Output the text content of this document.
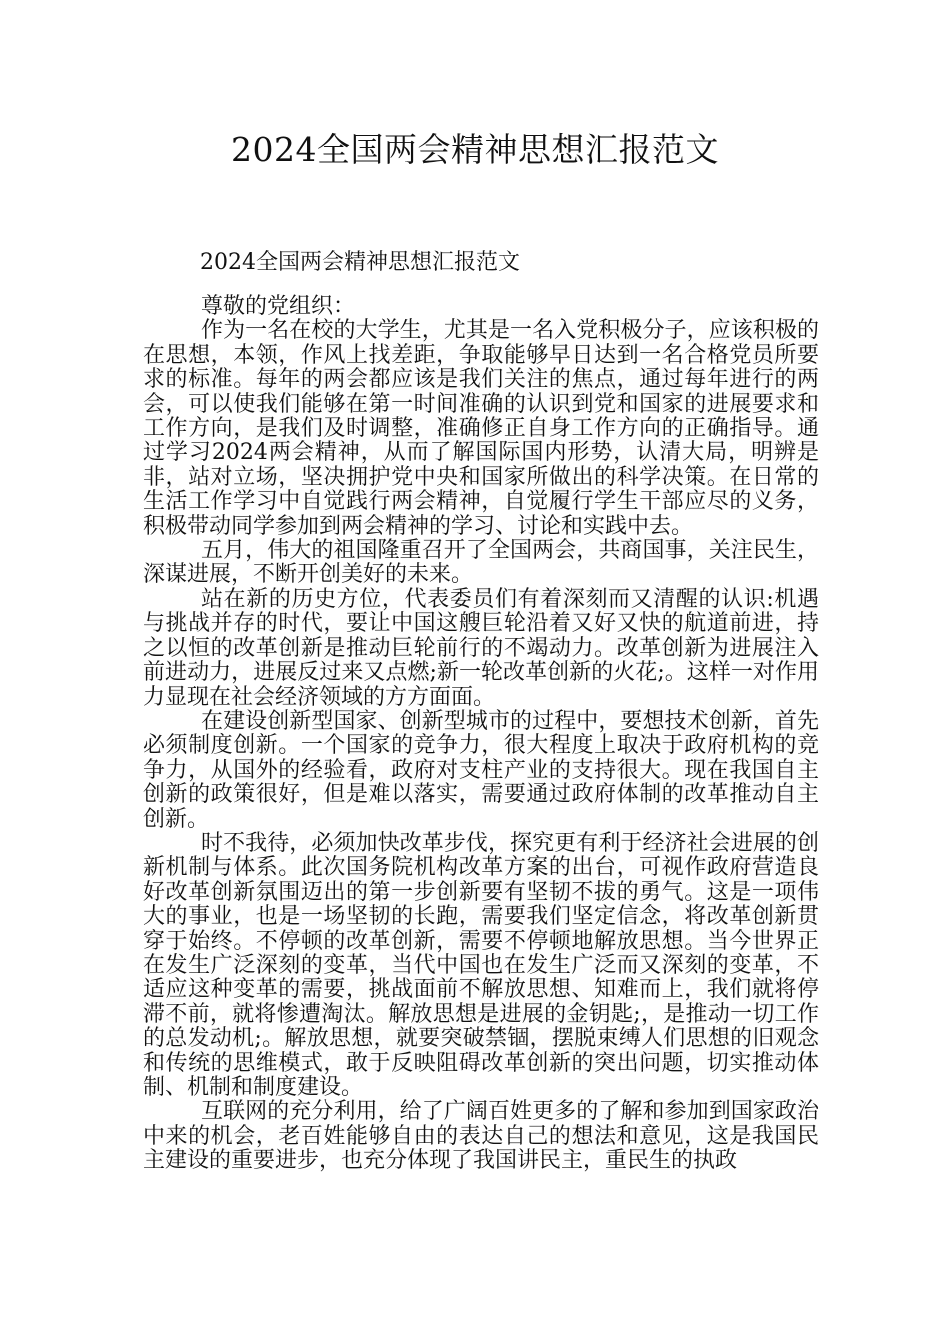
2024全国两会精神思想汇报范文

2024全国两会精神思想汇报范文

尊敬的党组织：

作为一名在校的大学生，尤其是一名入党积极分子，应该积极的在思想，本领，作风上找差距，争取能够早日达到一名合格党员所要求的标准。每年的两会都应该是我们关注的焦点，通过每年进行的两会，可以使我们能够在第一时间准确的认识到党和国家的进展要求和工作方向，是我们及时调整，准确修正自身工作方向的正确指导。通过学习2024两会精神，从而了解国际国内形势，认清大局，明辨是非，站对立场，坚决拥护党中央和国家所做出的科学决策。在日常的生活工作学习中自觉践行两会精神，自觉履行学生干部应尽的义务，积极带动同学参加到两会精神的学习、讨论和实践中去。

五月，伟大的祖国隆重召开了全国两会，共商国事，关注民生，深谋进展，不断开创美好的未来。

站在新的历史方位，代表委员们有着深刻而又清醒的认识:机遇与挑战并存的时代，要让中国这艘巨轮沿着又好又快的航道前进，持之以恒的改革创新是推动巨轮前行的不竭动力。改革创新为进展注入前进动力，进展反过来又点燃;新一轮改革创新的火花;。这样一对作用力显现在社会经济领域的方方面面。

在建设创新型国家、创新型城市的过程中，要想技术创新，首先必须制度创新。一个国家的竞争力，很大程度上取决于政府机构的竞争力，从国外的经验看，政府对支柱产业的支持很大。现在我国自主创新的政策很好，但是难以落实，需要通过政府体制的改革推动自主创新。

时不我待，必须加快改革步伐，探究更有利于经济社会进展的创新机制与体系。此次国务院机构改革方案的出台，可视作政府营造良好改革创新氛围迈出的第一步创新要有坚韧不拔的勇气。这是一项伟大的事业，也是一场坚韧的长跑，需要我们坚定信念，将改革创新贯穿于始终。不停顿的改革创新，需要不停顿地解放思想。当今世界正在发生广泛深刻的变革，当代中国也在发生广泛而又深刻的变革，不适应这种变革的需要，挑战面前不解放思想、知难而上，我们就将停滞不前，就将惨遭淘汰。解放思想是进展的金钥匙;，是推动一切工作的总发动机;。解放思想，就要突破禁锢，摆脱束缚人们思想的旧观念和传统的思维模式，敢于反映阻碍改革创新的突出问题，切实推动体制、机制和制度建设。

互联网的充分利用，给了广阔百姓更多的了解和参加到国家政治中来的机会，老百姓能够自由的表达自己的想法和意见，这是我国民主建设的重要进步，也充分体现了我国讲民主，重民生的执政
